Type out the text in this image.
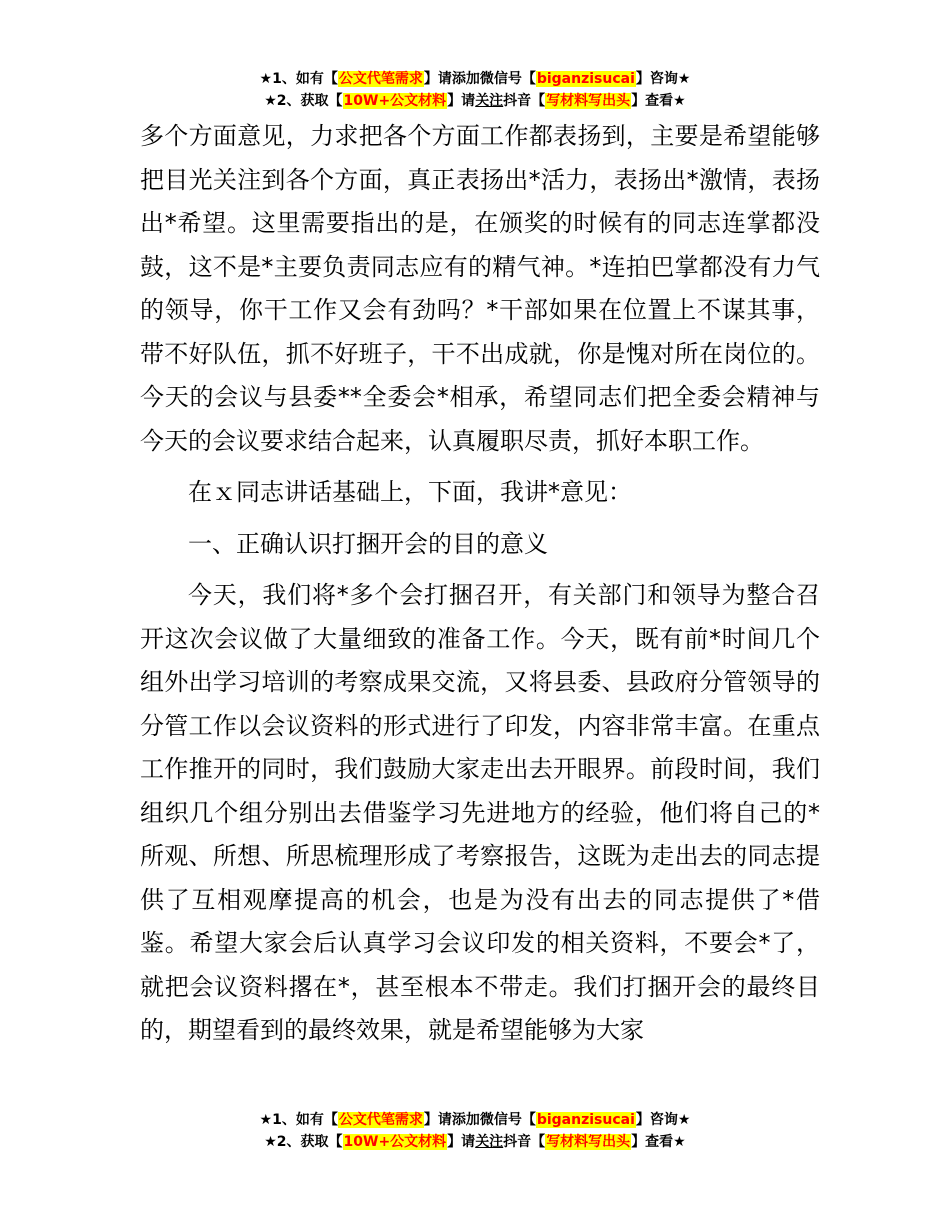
★1、如有【公文代笔需求】请添加微信号【biganzisucai】咨询★
★2、获取【10W+公文材料】请关注抖音【写材料写出头】查看★

多个方面意见，力求把各个方面工作都表扬到，主要是希望能够把目光关注到各个方面，真正表扬出*活力，表扬出*激情，表扬出*希望。这里需要指出的是，在颁奖的时候有的同志连掌都没鼓，这不是*主要负责同志应有的精气神。*连拍巴掌都没有力气的领导，你干工作又会有劲吗？*干部如果在位置上不谋其事，带不好队伍，抓不好班子，干不出成就，你是愧对所在岗位的。今天的会议与县委**全委会*相承，希望同志们把全委会精神与今天的会议要求结合起来，认真履职尽责，抓好本职工作。

在ｘ同志讲话基础上，下面，我讲*意见：

一、正确认识打捆开会的目的意义

今天，我们将*多个会打捆召开，有关部门和领导为整合召开这次会议做了大量细致的准备工作。今天，既有前*时间几个组外出学习培训的考察成果交流，又将县委、县政府分管领导的分管工作以会议资料的形式进行了印发，内容非常丰富。在重点工作推开的同时，我们鼓励大家走出去开眼界。前段时间，我们组织几个组分别出去借鉴学习先进地方的经验，他们将自己的*所观、所想、所思梳理形成了考察报告，这既为走出去的同志提供了互相观摩提高的机会，也是为没有出去的同志提供了*借鉴。希望大家会后认真学习会议印发的相关资料，不要会*了，就把会议资料撂在*，甚至根本不带走。我们打捆开会的最终目的，期望看到的最终效果，就是希望能够为大家

★1、如有【公文代笔需求】请添加微信号【biganzisucai】咨询★
★2、获取【10W+公文材料】请关注抖音【写材料写出头】查看★
